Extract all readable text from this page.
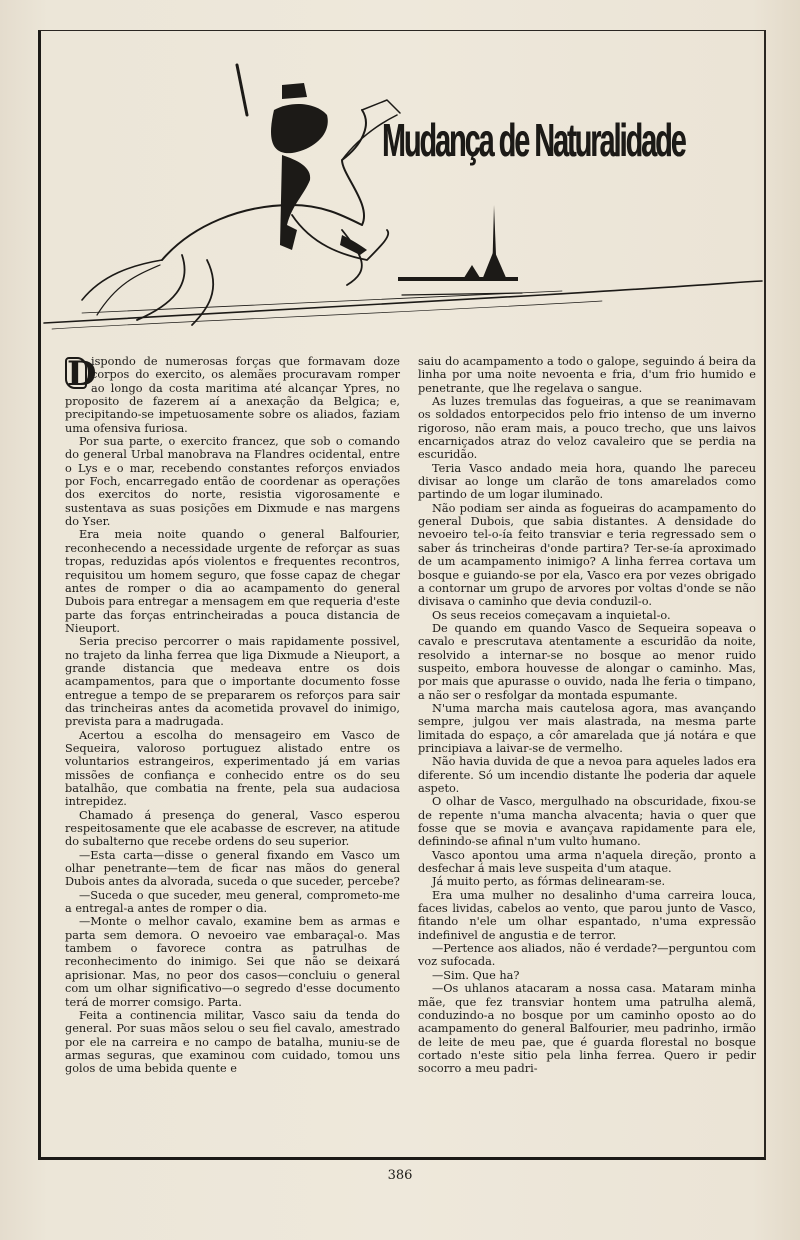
Mudança de Naturalidade

D
ispondo de numerosas forças que formavam doze corpos do exercito, os alemães procuravam romper ao longo da costa maritima até alcançar Ypres, no proposito de fazerem aí a anexação da Belgica; e, precipitando-se impetuosamente sobre os aliados, faziam uma ofensiva furiosa.

Por sua parte, o exercito francez, que sob o comando do general Urbal manobrava na Flandres ocidental, entre o Lys e o mar, recebendo constantes reforços enviados por Foch, encarregado então de coordenar as operações dos exercitos do norte, resistia vigorosamente e sustentava as suas posições em Dixmude e nas margens do Yser.

Era meia noite quando o general Balfourier, reconhecendo a necessidade urgente de reforçar as suas tropas, reduzidas após violentos e frequentes recontros, requisitou um homem seguro, que fosse capaz de chegar antes de romper o dia ao acampamento do general Dubois para entregar a mensagem em que requeria d'este parte das forças entrincheiradas a pouca distancia de Nieuport.

Seria preciso percorrer o mais rapidamente possivel, no trajeto da linha ferrea que liga Dixmude a Nieuport, a grande distancia que medeava entre os dois acampamentos, para que o importante documento fosse entregue a tempo de se prepararem os reforços para sair das trincheiras antes da acometida provavel do inimigo, prevista para a madrugada.

Acertou a escolha do mensageiro em Vasco de Sequeira, valoroso portuguez alistado entre os voluntarios estrangeiros, experimentado já em varias missões de confiança e conhecido entre os do seu batalhão, que combatia na frente, pela sua audaciosa intrepidez.

Chamado á presença do general, Vasco esperou respeitosamente que ele acabasse de escrever, na atitude do subalterno que recebe ordens do seu superior.

—Esta carta—disse o general fixando em Vasco um olhar penetrante—tem de ficar nas mãos do general Dubois antes da alvorada, suceda o que suceder, percebe?

—Suceda o que suceder, meu general, comprometo-me a entregal-a antes de romper o dia.

—Monte o melhor cavalo, examine bem as armas e parta sem demora. O nevoeiro vae embaraçal-o. Mas tambem o favorece contra as patrulhas de reconhecimento do inimigo. Sei que não se deixará aprisionar. Mas, no peor dos casos—concluiu o general com um olhar significativo—o segredo d'esse documento terá de morrer comsigo. Parta.

Feita a continencia militar, Vasco saiu da tenda do general. Por suas mãos selou o seu fiel cavalo, amestrado por ele na carreira e no campo de batalha, muniu-se de armas seguras, que examinou com cuidado, tomou uns golos de uma bebida quente e

saiu do acampamento a todo o galope, seguindo á beira da linha por uma noite nevoenta e fria, d'um frio humido e penetrante, que lhe regelava o sangue.

As luzes tremulas das fogueiras, a que se reanimavam os soldados entorpecidos pelo frio intenso de um inverno rigoroso, não eram mais, a pouco trecho, que uns laivos encarniçados atraz do veloz cavaleiro que se perdia na escuridão.

Teria Vasco andado meia hora, quando lhe pareceu divisar ao longe um clarão de tons amarelados como partindo de um logar iluminado.

Não podiam ser ainda as fogueiras do acampamento do general Dubois, que sabia distantes. A densidade do nevoeiro tel-o-ía feito transviar e teria regressado sem o saber ás trincheiras d'onde partira? Ter-se-ía aproximado de um acampamento inimigo? A linha ferrea cortava um bosque e guiando-se por ela, Vasco era por vezes obrigado a contornar um grupo de arvores por voltas d'onde se não divisava o caminho que devia conduzil-o.

Os seus receios começavam a inquietal-o.

De quando em quando Vasco de Sequeira sopeava o cavalo e prescrutava atentamente a escuridão da noite, resolvido a internar-se no bosque ao menor ruido suspeito, embora houvesse de alongar o caminho. Mas, por mais que apurasse o ouvido, nada lhe feria o timpano, a não ser o resfolgar da montada espumante.

N'uma marcha mais cautelosa agora, mas avançando sempre, julgou ver mais alastrada, na mesma parte limitada do espaço, a côr amarelada que já notára e que principiava a laivar-se de vermelho.

Não havia duvida de que a nevoa para aqueles lados era diferente. Só um incendio distante lhe poderia dar aquele aspeto.

O olhar de Vasco, mergulhado na obscuridade, fixou-se de repente n'uma mancha alvacenta; havia o quer que fosse que se movia e avançava rapidamente para ele, definindo-se afinal n'um vulto humano.

Vasco apontou uma arma n'aquela direção, pronto a desfechar á mais leve suspeita d'um ataque.

Já muito perto, as fórmas delinearam-se.

Era uma mulher no desalinho d'uma carreira louca, faces lividas, cabelos ao vento, que parou junto de Vasco, fitando n'ele um olhar espantado, n'uma expressão indefinivel de angustia e de terror.

—Pertence aos aliados, não é verdade?—perguntou com voz sufocada.

—Sim. Que ha?

—Os uhlanos atacaram a nossa casa. Mataram minha mãe, que fez transviar hontem uma patrulha alemã, conduzindo-a no bosque por um caminho oposto ao do acampamento do general Balfourier, meu padrinho, irmão de leite de meu pae, que é guarda florestal no bosque cortado n'este sitio pela linha ferrea. Quero ir pedir socorro a meu padri-

386
